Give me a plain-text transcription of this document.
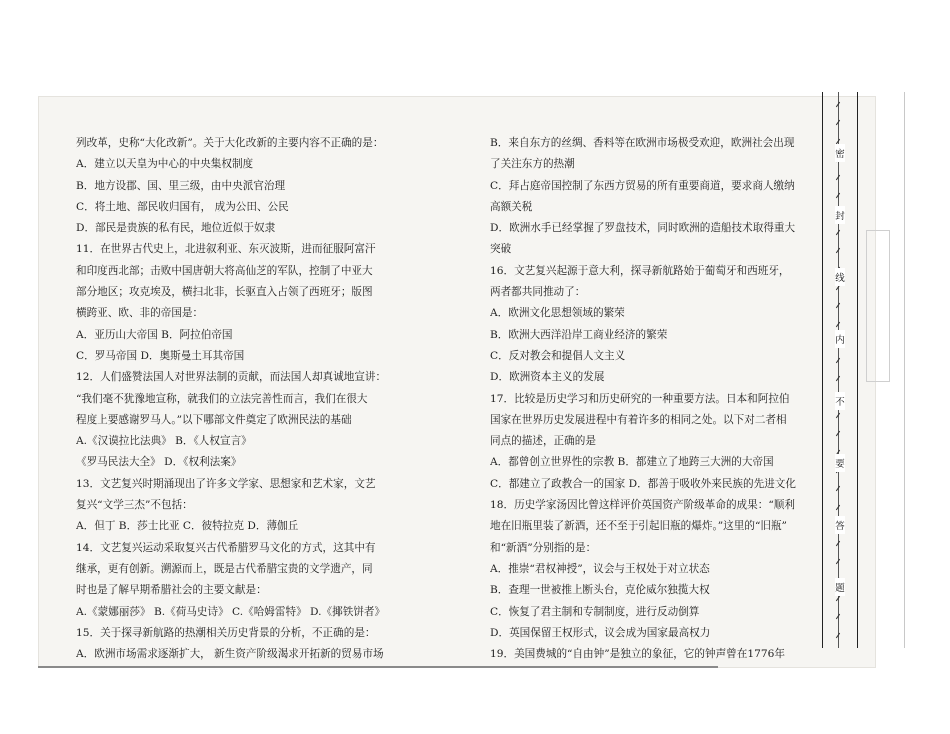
列改革，史称“大化改新”。关于大化改新的主要内容不正确的是：
A．建立以天皇为中心的中央集权制度
B．地方设郡、国、里三级，由中央派官治理
C．将土地、部民收归国有， 成为公田、公民
D．部民是贵族的私有民，地位近似于奴隶
11．在世界古代史上，北进叙利亚、东灭波斯，进而征服阿富汗
和印度西北部；击败中国唐朝大将高仙芝的军队，控制了中亚大
部分地区；攻克埃及，横扫北非，长驱直入占领了西班牙；版图
横跨亚、欧、非的帝国是：
A．亚历山大帝国 B．阿拉伯帝国
C．罗马帝国 D．奥斯曼土耳其帝国
12．人们盛赞法国人对世界法制的贡献，而法国人却真诚地宣讲：
“我们毫不犹豫地宣称，就我们的立法完善性而言，我们在很大
程度上要感谢罗马人。”以下哪部文件奠定了欧洲民法的基础
A.《汉谟拉比法典》 B．《人权宣言》
《罗马民法大全》 D．《权利法案》
13．文艺复兴时期涌现出了许多文学家、思想家和艺术家，文艺
复兴“文学三杰”不包括：
A．但丁 B．莎士比亚 C．彼特拉克 D．薄伽丘
14．文艺复兴运动采取复兴古代希腊罗马文化的方式，这其中有
继承，更有创新。溯源而上，既是古代希腊宝贵的文学遗产，同
时也是了解早期希腊社会的主要文献是：
A.《蒙娜丽莎》 B.《荷马史诗》 C.《哈姆雷特》 D.《揶铁饼者》
15．关于探寻新航路的热潮相关历史背景的分析，不正确的是：
A．欧洲市场需求逐渐扩大， 新生资产阶级渴求开拓新的贸易市场
B．来自东方的丝绸、香料等在欧洲市场极受欢迎，欧洲社会出现
了关注东方的热潮
C．拜占庭帝国控制了东西方贸易的所有重要商道，要求商人缴纳
高额关税
D．欧洲水手已经掌握了罗盘技术，同时欧洲的造船技术取得重大
突破
16．文艺复兴起源于意大利，探寻新航路始于葡萄牙和西班牙，
两者都共同推动了：
A．欧洲文化思想领域的繁荣
B．欧洲大西洋沿岸工商业经济的繁荣
C．反对教会和提倡人文主义
D．欧洲资本主义的发展
17．比较是历史学习和历史研究的一种重要方法。日本和阿拉伯
国家在世界历史发展进程中有着许多的相同之处。以下对二者相
同点的描述，正确的是
A．都曾创立世界性的宗教 B．都建立了地跨三大洲的大帝国
C．都建立了政教合一的国家 D．都善于吸收外来民族的先进文化
18．历史学家汤因比曾这样评价英国资产阶级革命的成果：“顺利
地在旧瓶里装了新酒，还不至于引起旧瓶的爆炸。”这里的“旧瓶”
和“新酒”分别指的是：
A．推崇“君权神授”，议会与王权处于对立状态
B．查理一世被推上断头台，克伦威尔独揽大权
C．恢复了君主制和专制制度，进行反动倒算
D．英国保留王权形式，议会成为国家最高权力
19．美国费城的“自由钟”是独立的象征，它的钟声曾在1776年
密
封
线
内
不
要
答
题
